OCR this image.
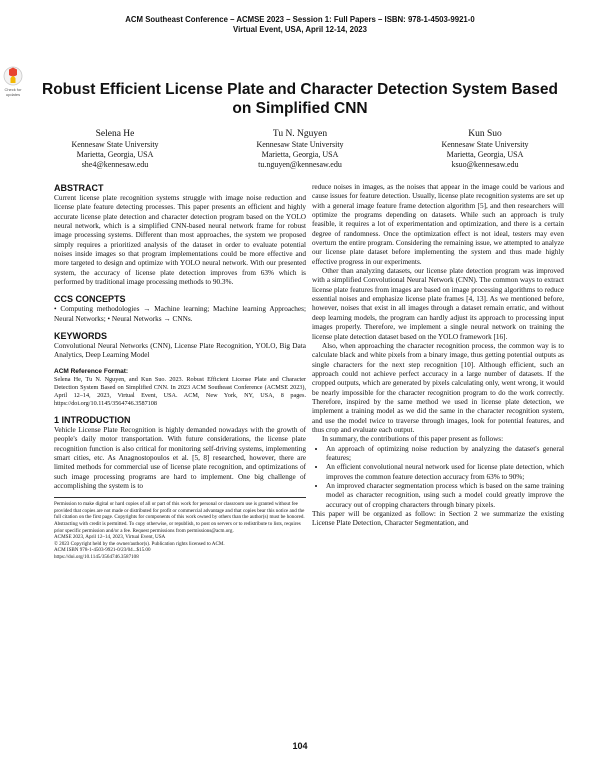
ACM Southeast Conference – ACMSE 2023 – Session 1: Full Papers – ISBN: 978-1-4503-9921-0
Virtual Event, USA, April 12-14, 2023
Check for updates Robust Efficient License Plate and Character Detection System Based on Simplified CNN
Selena He
Kennesaw State University
Marietta, Georgia, USA
she4@kennesaw.edu
Tu N. Nguyen
Kennesaw State University
Marietta, Georgia, USA
tu.nguyen@kennesaw.edu
Kun Suo
Kennesaw State University
Marietta, Georgia, USA
ksuo@kennesaw.edu
ABSTRACT

Current license plate recognition systems struggle with image noise reduction and license plate feature detecting processes. This paper presents an efficient and highly accurate license plate detection and character detection program based on the YOLO neural network, which is a simplified CNN-based neural network frame for robust image processing systems. Different than most approaches, the system we proposed simply requires a prioritized analysis of the dataset in order to evaluate potential noises inside images so that program implementations could be more effective and more targeted to design and optimize with YOLO neural network. With our presented system, the accuracy of license plate detection improves from 63% which is performed by traditional image processing methods to 90.3%.

CCS CONCEPTS

• Computing methodologies → Machine learning; Machine learning Approaches; Neural Networks; • Neural Networks → CNNs.

KEYWORDS

Convolutional Neural Networks (CNN), License Plate Recognition, YOLO, Big Data Analytics, Deep Learning Model

ACM Reference Format:
Selena He, Tu N. Nguyen, and Kun Suo. 2023. Robust Efficient License Plate and Character Detection System Based on Simplified CNN. In 2023 ACM Southeast Conference (ACMSE 2023), April 12–14, 2023, Virtual Event, USA. ACM, New York, NY, USA, 8 pages. https://doi.org/10.1145/3564746.3587108
1 INTRODUCTION

Vehicle License Plate Recognition is highly demanded nowadays with the growth of people's daily motor transportation. With future considerations, the license plate recognition function is also critical for monitoring self-driving systems, implementing smart cities, etc. As Anagnostopoulos et al. [5, 8] researched, however, there are limited methods for commercial use of license plate recognition, and optimizations of such image processing programs are hard to implement. One big challenge of accomplishing the system is to

Permission to make digital or hard copies of all or part of this work for personal or classroom use is granted without fee provided that copies are not made or distributed for profit or commercial advantage and that copies bear this notice and the full citation on the first page. Copyrights for components of this work owned by others than the author(s) must be honored. Abstracting with credit is permitted. To copy otherwise, or republish, to post on servers or to redistribute to lists, requires prior specific permission and/or a fee. Request permissions from permissions@acm.org.
ACMSE 2023, April 12–14, 2023, Virtual Event, USA
© 2023 Copyright held by the owner/author(s). Publication rights licensed to ACM.
ACM ISBN 978-1-4503-9921-0/23/04...$15.00
https://doi.org/10.1145/3564746.3587108

reduce noises in images, as the noises that appear in the image could be various and cause issues for feature detection. Usually, license plate recognition systems are set up with a general image feature frame detection algorithm [5], and then researchers will optimize the programs depending on datasets. While such an approach is truly feasible, it requires a lot of experimentation and optimization, and there is a certain degree of randomness. Once the optimization effect is not ideal, testers may even overturn the entire program. Considering the remaining issue, we attempted to analyze our license plate dataset before implementing the system and thus made highly effective progress in our experiments.

Other than analyzing datasets, our license plate detection program was improved with a simplified Convolutional Neural Network (CNN). The common ways to extract license plate features from images are based on image processing algorithms to reduce essential noises and emphasize license plate frames [4, 13]. As we mentioned before, however, noises that exist in all images through a dataset remain erratic, and without deep learning models, the program can hardly adjust its approach to processing input images properly. Therefore, we implement a single neural network on training the license plate detection dataset based on the YOLO framework [16].

Also, when approaching the character recognition process, the common way is to calculate black and white pixels from a binary image, thus getting potential outputs as single characters for the next step recognition [10]. Although efficient, such an approach could not achieve perfect accuracy in a large number of datasets. If the cropped outputs, which are generated by pixels calculating only, went wrong, it would be nearly impossible for the character recognition program to do the work correctly. Therefore, inspired by the same method we used in license plate detection, we implement a training model as we did the same in the character recognition system, and use the model twice to traverse through images, look for potential features, and thus crop and evaluate each output.

In summary, the contributions of this paper present as follows:

• An approach of optimizing noise reduction by analyzing the dataset's general features;
• An efficient convolutional neural network used for license plate detection, which improves the common feature detection accuracy from 63% to 90%;
• An improved character segmentation process which is based on the same training model as character recognition, using such a model could greatly improve the accuracy out of cropping characters through binary pixels.

This paper will be organized as follow: in Section 2 we summarize the existing License Plate Detection, Character Segmentation, and

104
